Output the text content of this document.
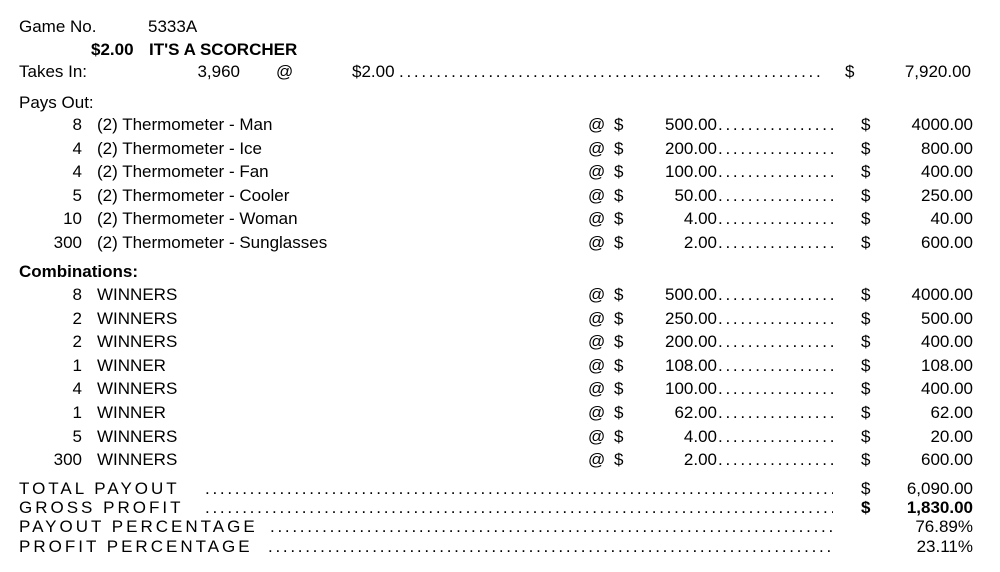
Game No.	5333A
$2.00 IT'S A SCORCHER
Takes In:	3,960 @	$2.00 . . .	$	7,920.00
Pays Out:
8 (2) Thermometer - Man	@ $	500.00	$	4000.00
. . .
4 (2) Thermometer - Ice	@ $	200.00	$	800.00
. . .
4 (2) Thermometer - Fan	@ $	100.00	$	400.00
. . .
5 (2) Thermometer - Cooler	@ $	50.00	$	250.00
. . .
10 (2) Thermometer - Woman	@ $	4.00	$	40.00
. . .
300 (2) Thermometer - Sunglasses	@ $	2.00	$	600.00
. . .
Combinations:
8 WINNERS	@ $	500.00	$	4000.00
. . .
2 WINNERS	@ $	250.00	$	500.00
. . .
2 WINNERS	@ $	200.00	$	400.00
. . .
1 WINNER	@ $	108.00	$	108.00
. . .
4 WINNERS	@ $	100.00	$	400.00
. . .
1 WINNER	@ $	62.00	$	62.00
. . .
5 WINNERS	@ $	4.00	$	20.00
. . .
300 WINNERS	@ $	2.00	$	600.00
. . .
TOTAL PAYOUT . . .	$	6,090.00
GROSS PROFIT . . .	$	1,830.00
PAYOUT PERCENTAGE . . .	76.89%
PROFIT PERCENTAGE . . .	23.11%
